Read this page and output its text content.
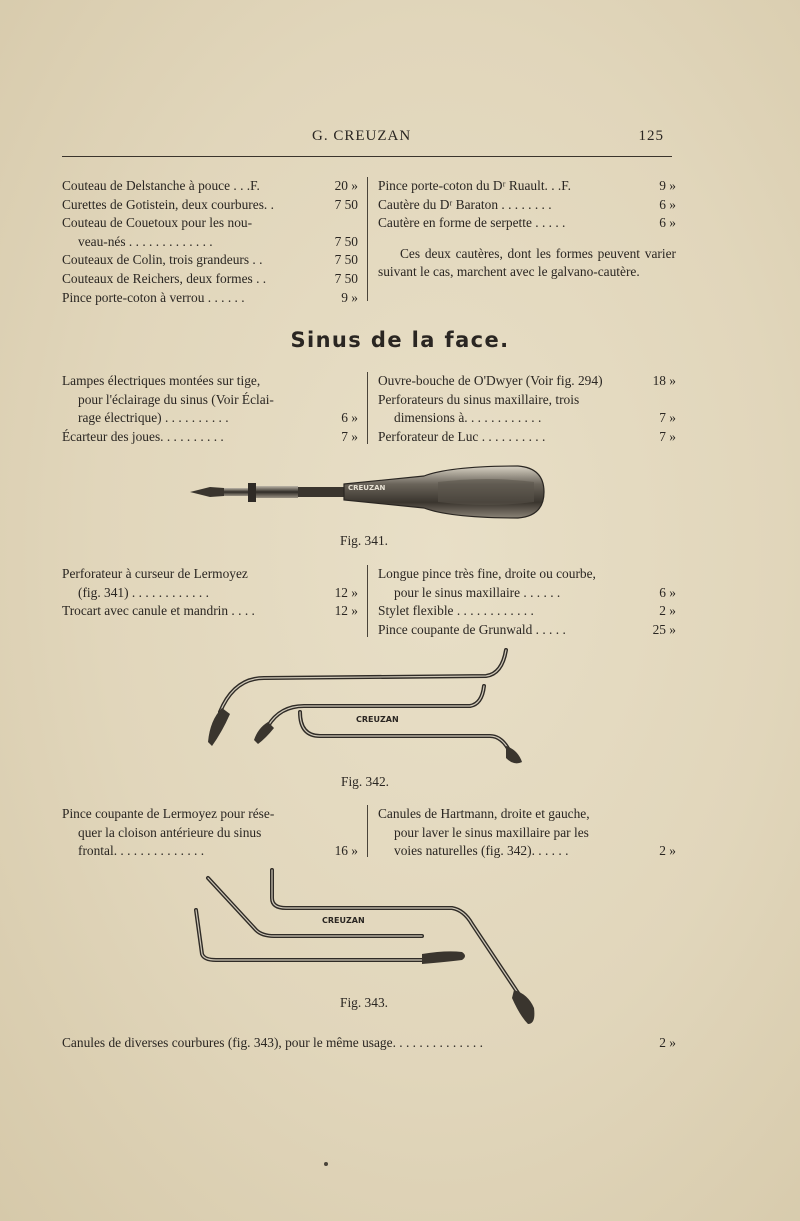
G. CREUZAN	125
Couteau de Delstanche à pouce . . .F.	20 »
Curettes de Gotistein, deux courbures. .	7 50
Couteau de Couetoux pour les nou-
veau-nés . . . . . . . . . . . . .	7 50
Couteaux de Colin, trois grandeurs . .	7 50
Couteaux de Reichers, deux formes . .	7 50
Pince porte-coton à verrou . . . . . .	9 »
Pince porte-coton du Dʳ Ruault. . .F.	9 »
Cautère du Dʳ Baraton . . . . . . . .	6 »
Cautère en forme de serpette . . . . .	6 »
Ces deux cautères, dont les formes peuvent varier suivant le cas, marchent avec le galvano-cautère.
Sinus de la face.
Lampes électriques montées sur tige,
pour l'éclairage du sinus (Voir Éclai-
rage électrique) . . . . . . . . . .	6 »
Écarteur des joues. . . . . . . . . .	7 »
Ouvre-bouche de O'Dwyer (Voir fig. 294)	18 »
Perforateurs du sinus maxillaire, trois
dimensions à. . . . . . . . . . . .	7 »
Perforateur de Luc . . . . . . . . . .	7 »
CREUZAN
Fig. 341.
Perforateur à curseur de Lermoyez
(fig. 341) . . . . . . . . . . . .	12 »
Trocart avec canule et mandrin . . . .	12 »
Longue pince très fine, droite ou courbe,
pour le sinus maxillaire . . . . . .	6 »
Stylet flexible . . . . . . . . . . . .	2 »
Pince coupante de Grunwald . . . . .	25 »
CREUZAN
Fig. 342.
Pince coupante de Lermoyez pour rése-
quer la cloison antérieure du sinus
frontal. . . . . . . . . . . . . .	16 »
Canules de Hartmann, droite et gauche,
pour laver le sinus maxillaire par les
voies naturelles (fig. 342). . . . . .	2 »
CREUZAN
Fig. 343.
Canules de diverses courbures (fig. 343), pour le même usage. . . . . . . . . . . . . .	2 »
